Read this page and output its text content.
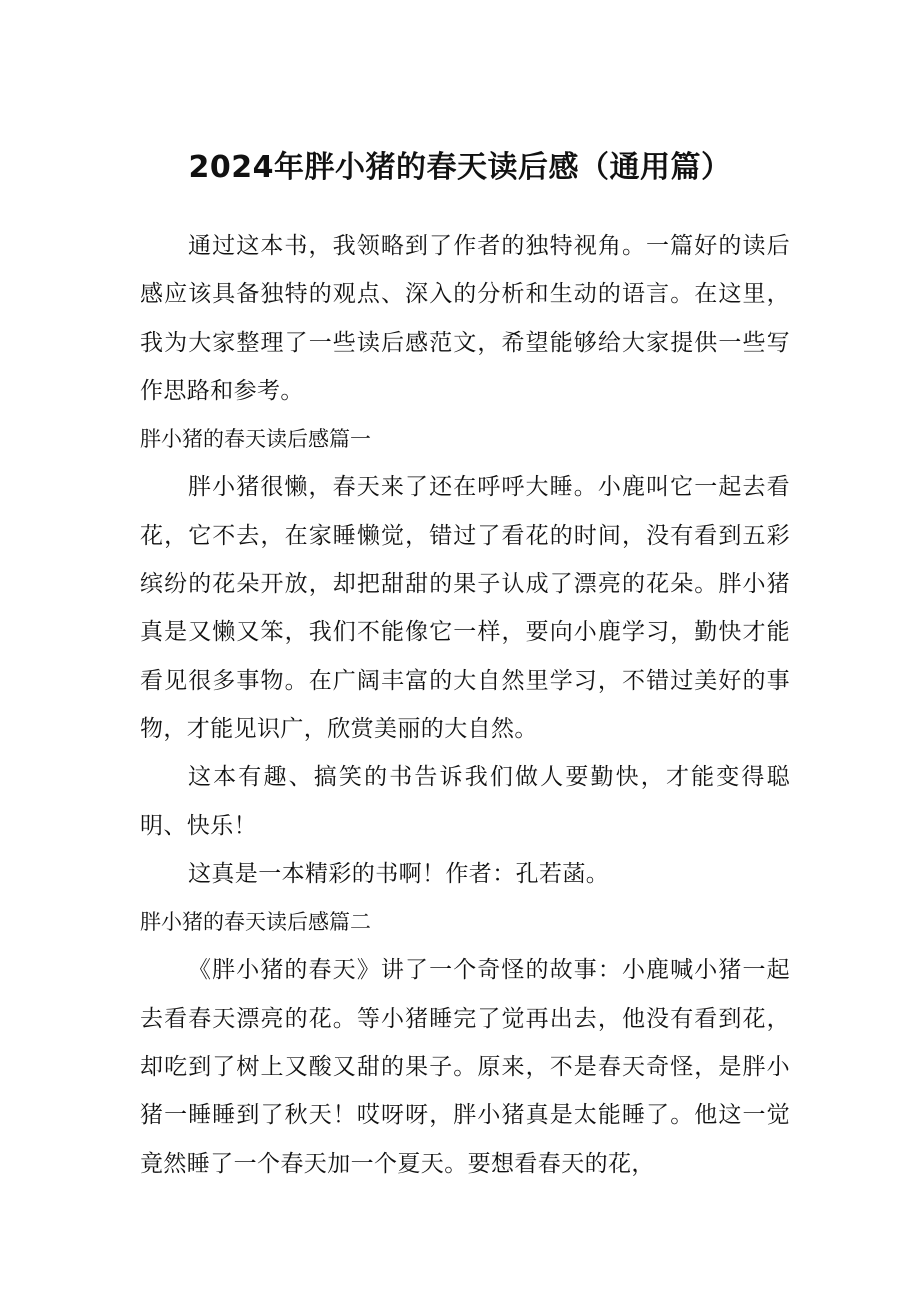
2024年胖小猪的春天读后感（通用篇）

通过这本书，我领略到了作者的独特视角。一篇好的读后感应该具备独特的观点、深入的分析和生动的语言。在这里，我为大家整理了一些读后感范文，希望能够给大家提供一些写作思路和参考。

胖小猪的春天读后感篇一

胖小猪很懒，春天来了还在呼呼大睡。小鹿叫它一起去看花，它不去，在家睡懒觉，错过了看花的时间，没有看到五彩缤纷的花朵开放，却把甜甜的果子认成了漂亮的花朵。胖小猪真是又懒又笨，我们不能像它一样，要向小鹿学习，勤快才能看见很多事物。在广阔丰富的大自然里学习，不错过美好的事物，才能见识广，欣赏美丽的大自然。

这本有趣、搞笑的书告诉我们做人要勤快，才能变得聪明、快乐！

这真是一本精彩的书啊！作者：孔若菡。

胖小猪的春天读后感篇二

《胖小猪的春天》讲了一个奇怪的故事：小鹿喊小猪一起去看春天漂亮的花。等小猪睡完了觉再出去，他没有看到花，却吃到了树上又酸又甜的果子。原来，不是春天奇怪，是胖小猪一睡睡到了秋天！哎呀呀，胖小猪真是太能睡了。他这一觉竟然睡了一个春天加一个夏天。要想看春天的花，
